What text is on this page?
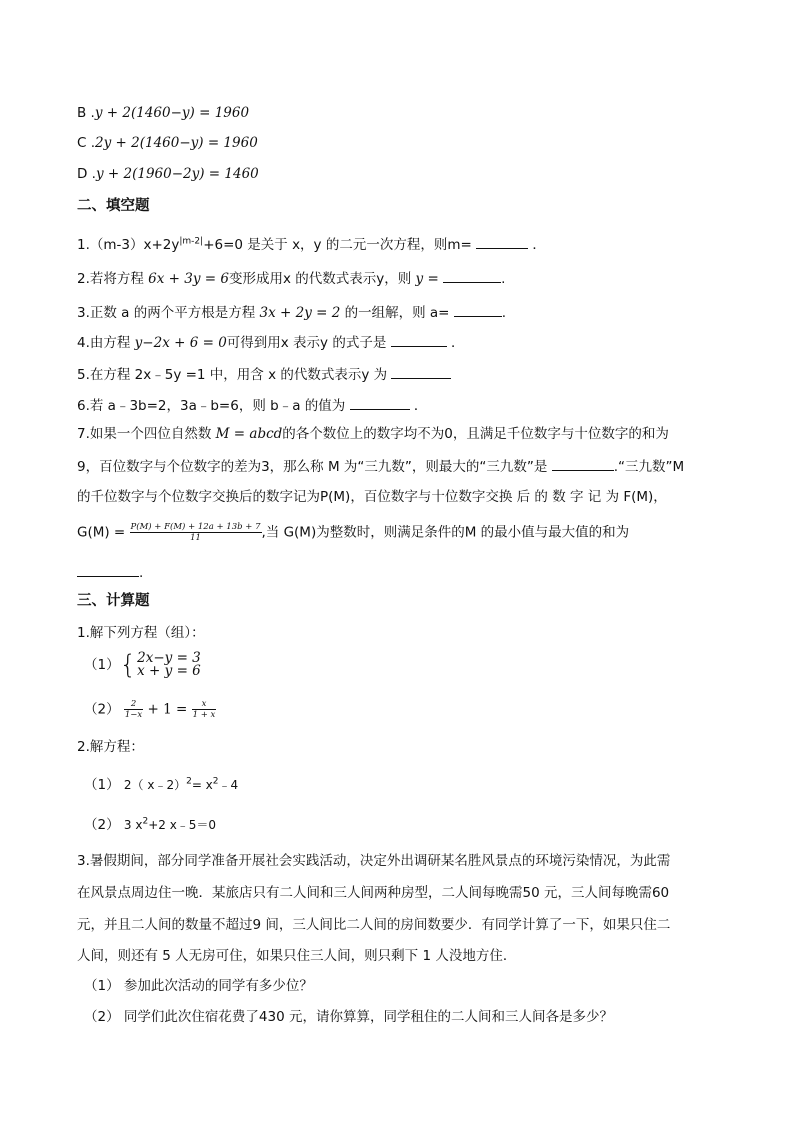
B .y + 2(1460−y) = 1960
C .2y + 2(1460−y) = 1960
D .y + 2(1960−2y) = 1460
二、填空题
$1.(m-3)x+2y^{|m-2|}+6=0$ 是关于 x，y 的二元一次方程，则m=	．
2.若将方程 6x + 3y = 6变形成用x 的代数式表示y，则 y =	.
3.正数 a 的两个平方根是方程 3x + 2y = 2 的一组解，则 a=	.
4.由方程 y−2x + 6 = 0可得到用x 表示y 的式子是	．
5.在方程 2x﹣5y =1 中，用含 x 的代数式表示y 为
6.若 a﹣3b=2，3a﹣b=6，则 b﹣a 的值为	．
7.如果一个四位自然数 M = abcd的各个数位上的数字均不为0，且满足千位数字与十位数字的和为
9，百位数字与个位数字的差为3，那么称 M 为“三九数”，则最大的“三九数”是	.“三九数”M
的千位数字与个位数字交换后的数字记为P(M)，百位数字与十位数字交换 后 的 数 字 记 为 F(M)，
$G(M) = \frac{P(M) + F(M) + 12a + 13b + 7}{11}$ ,当 G(M)为整数时，则满足条件的M 的最小值与最大值的和为
.
三、计算题
1.解下列方程（组）：
（1）{ 2x−y = 3
x + y = 6
$(2) \frac{2}{1-x} + 1 = \frac{x}{1 + x}$
2.解方程：
（1） 2（ x﹣2）$^2$= $x^2﹣4$
（2） 3 $x^2+2$ x﹣5＝0
3.暑假期间，部分同学准备开展社会实践活动，决定外出调研某名胜风景点的环境污染情况，为此需
在风景点周边住一晚．某旅店只有二人间和三人间两种房型，二人间每晚需50 元，三人间每晚需60
元，并且二人间的数量不超过9 间，三人间比二人间的房间数要少．有同学计算了一下，如果只住二
人间，则还有 5 人无房可住，如果只住三人间，则只剩下 1 人没地方住．
（1） 参加此次活动的同学有多少位？
（2） 同学们此次住宿花费了430 元，请你算算，同学租住的二人间和三人间各是多少？
